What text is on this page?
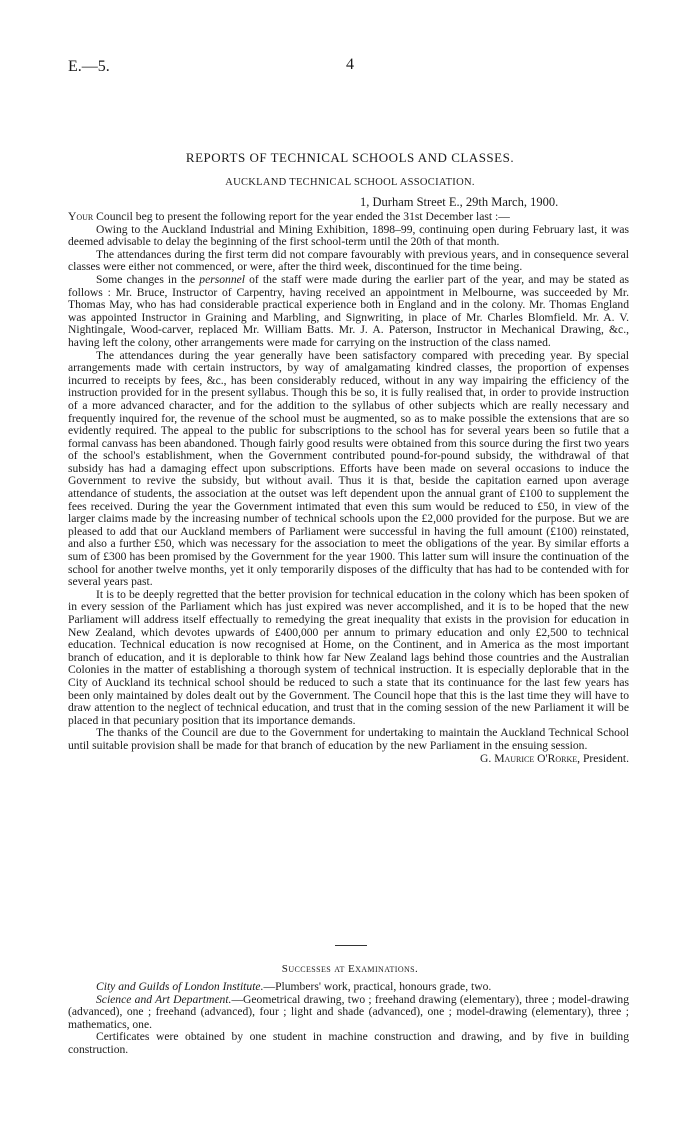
E.—5.	4
REPORTS OF TECHNICAL SCHOOLS AND CLASSES.
AUCKLAND TECHNICAL SCHOOL ASSOCIATION.
1, Durham Street E., 29th March, 1900.

Your Council beg to present the following report for the year ended the 31st December last :—

Owing to the Auckland Industrial and Mining Exhibition, 1898–99, continuing open during February last, it was deemed advisable to delay the beginning of the first school-term until the 20th of that month.

The attendances during the first term did not compare favourably with previous years, and in consequence several classes were either not commenced, or were, after the third week, discontinued for the time being.

Some changes in the personnel of the staff were made during the earlier part of the year, and may be stated as follows : Mr. Bruce, Instructor of Carpentry, having received an appointment in Melbourne, was succeeded by Mr. Thomas May, who has had considerable practical experience both in England and in the colony. Mr. Thomas England was appointed Instructor in Graining and Marbling, and Signwriting, in place of Mr. Charles Blomfield. Mr. A. V. Nightingale, Wood-carver, replaced Mr. William Batts. Mr. J. A. Paterson, Instructor in Mechanical Drawing, &c., having left the colony, other arrangements were made for carrying on the instruction of the class named.

The attendances during the year generally have been satisfactory compared with preceding year. By special arrangements made with certain instructors, by way of amalgamating kindred classes, the proportion of expenses incurred to receipts by fees, &c., has been considerably reduced, without in any way impairing the efficiency of the instruction provided for in the present syllabus. Though this be so, it is fully realised that, in order to provide instruction of a more advanced character, and for the addition to the syllabus of other subjects which are really necessary and frequently inquired for, the revenue of the school must be augmented, so as to make possible the extensions that are so evidently required. The appeal to the public for subscriptions to the school has for several years been so futile that a formal canvass has been abandoned. Though fairly good results were obtained from this source during the first two years of the school's establishment, when the Government contributed pound-for-pound subsidy, the withdrawal of that subsidy has had a damaging effect upon subscriptions. Efforts have been made on several occasions to induce the Government to revive the subsidy, but without avail. Thus it is that, beside the capitation earned upon average attendance of students, the association at the outset was left dependent upon the annual grant of £100 to supplement the fees received. During the year the Government intimated that even this sum would be reduced to £50, in view of the larger claims made by the increasing number of technical schools upon the £2,000 provided for the purpose. But we are pleased to add that our Auckland members of Parliament were successful in having the full amount (£100) reinstated, and also a further £50, which was necessary for the association to meet the obligations of the year. By similar efforts a sum of £300 has been promised by the Government for the year 1900. This latter sum will insure the continuation of the school for another twelve months, yet it only temporarily disposes of the difficulty that has had to be contended with for several years past.

It is to be deeply regretted that the better provision for technical education in the colony which has been spoken of in every session of the Parliament which has just expired was never accomplished, and it is to be hoped that the new Parliament will address itself effectually to remedying the great inequality that exists in the provision for education in New Zealand, which devotes upwards of £400,000 per annum to primary education and only £2,500 to technical education. Technical education is now recognised at Home, on the Continent, and in America as the most important branch of education, and it is deplorable to think how far New Zealand lags behind those countries and the Australian Colonies in the matter of establishing a thorough system of technical instruction. It is especially deplorable that in the City of Auckland its technical school should be reduced to such a state that its continuance for the last few years has been only maintained by doles dealt out by the Government. The Council hope that this is the last time they will have to draw attention to the neglect of technical education, and trust that in the coming session of the new Parliament it will be placed in that pecuniary position that its importance demands.

The thanks of the Council are due to the Government for undertaking to maintain the Auckland Technical School until suitable provision shall be made for that branch of education by the new Parliament in the ensuing session.
G. Maurice O'Rorke, President.

Successes at Examinations.

City and Guilds of London Institute.—Plumbers' work, practical, honours grade, two.

Science and Art Department.—Geometrical drawing, two ; freehand drawing (elementary), three ; model-drawing (advanced), one ; freehand (advanced), four ; light and shade (advanced), one ; model-drawing (elementary), three ; mathematics, one.

Certificates were obtained by one student in machine construction and drawing, and by five in building construction.
